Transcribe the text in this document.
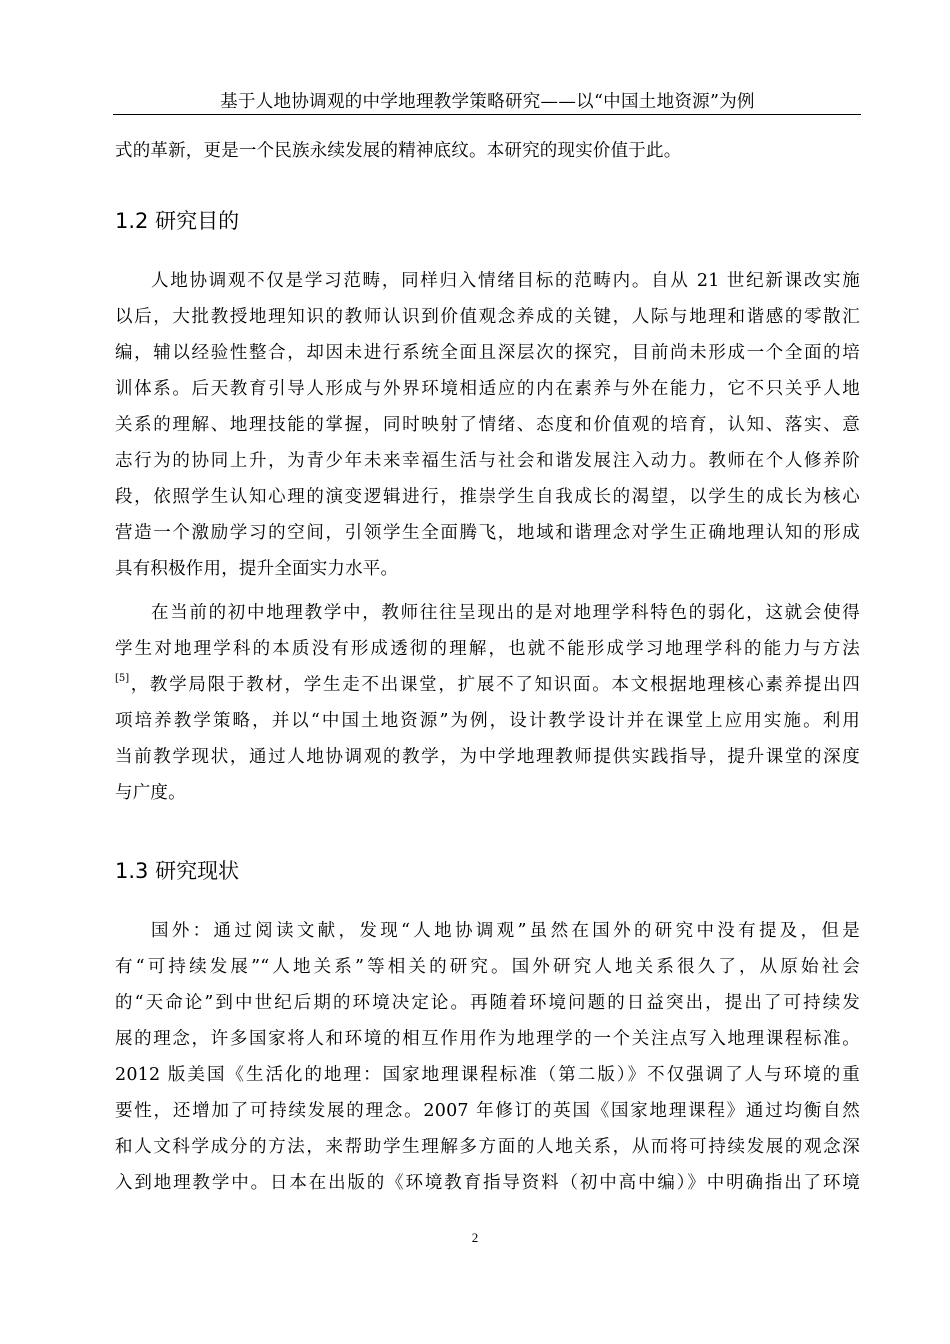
基于人地协调观的中学地理教学策略研究——以“中国土地资源”为例
式的革新，更是一个民族永续发展的精神底纹。本研究的现实价值于此。
1.2 研究目的
人地协调观不仅是学习范畴，同样归入情绪目标的范畴内。自从 21 世纪新课改实施
以后，大批教授地理知识的教师认识到价值观念养成的关键，人际与地理和谐感的零散汇
编，辅以经验性整合，却因未进行系统全面且深层次的探究，目前尚未形成一个全面的培
训体系。后天教育引导人形成与外界环境相适应的内在素养与外在能力，它不只关乎人地
关系的理解、地理技能的掌握，同时映射了情绪、态度和价值观的培育，认知、落实、意
志行为的协同上升，为青少年未来幸福生活与社会和谐发展注入动力。教师在个人修养阶
段，依照学生认知心理的演变逻辑进行，推崇学生自我成长的渴望，以学生的成长为核心
营造一个激励学习的空间，引领学生全面腾飞，地域和谐理念对学生正确地理认知的形成
具有积极作用，提升全面实力水平。
在当前的初中地理教学中，教师往往呈现出的是对地理学科特色的弱化，这就会使得
学生对地理学科的本质没有形成透彻的理解，也就不能形成学习地理学科的能力与方法
[5]，教学局限于教材，学生走不出课堂，扩展不了知识面。本文根据地理核心素养提出四
项培养教学策略，并以“中国土地资源”为例，设计教学设计并在课堂上应用实施。利用
当前教学现状，通过人地协调观的教学，为中学地理教师提供实践指导，提升课堂的深度
与广度。
1.3 研究现状
国外：通过阅读文献，发现“人地协调观”虽然在国外的研究中没有提及，但是
有“可持续发展”“人地关系”等相关的研究。国外研究人地关系很久了，从原始社会
的“天命论”到中世纪后期的环境决定论。再随着环境问题的日益突出，提出了可持续发
展的理念，许多国家将人和环境的相互作用作为地理学的一个关注点写入地理课程标准。
2012 版美国《生活化的地理：国家地理课程标准（第二版）》不仅强调了人与环境的重
要性，还增加了可持续发展的理念。2007 年修订的英国《国家地理课程》通过均衡自然
和人文科学成分的方法，来帮助学生理解多方面的人地关系，从而将可持续发展的观念深
入到地理教学中。日本在出版的《环境教育指导资料（初中高中编）》中明确指出了环境
2
